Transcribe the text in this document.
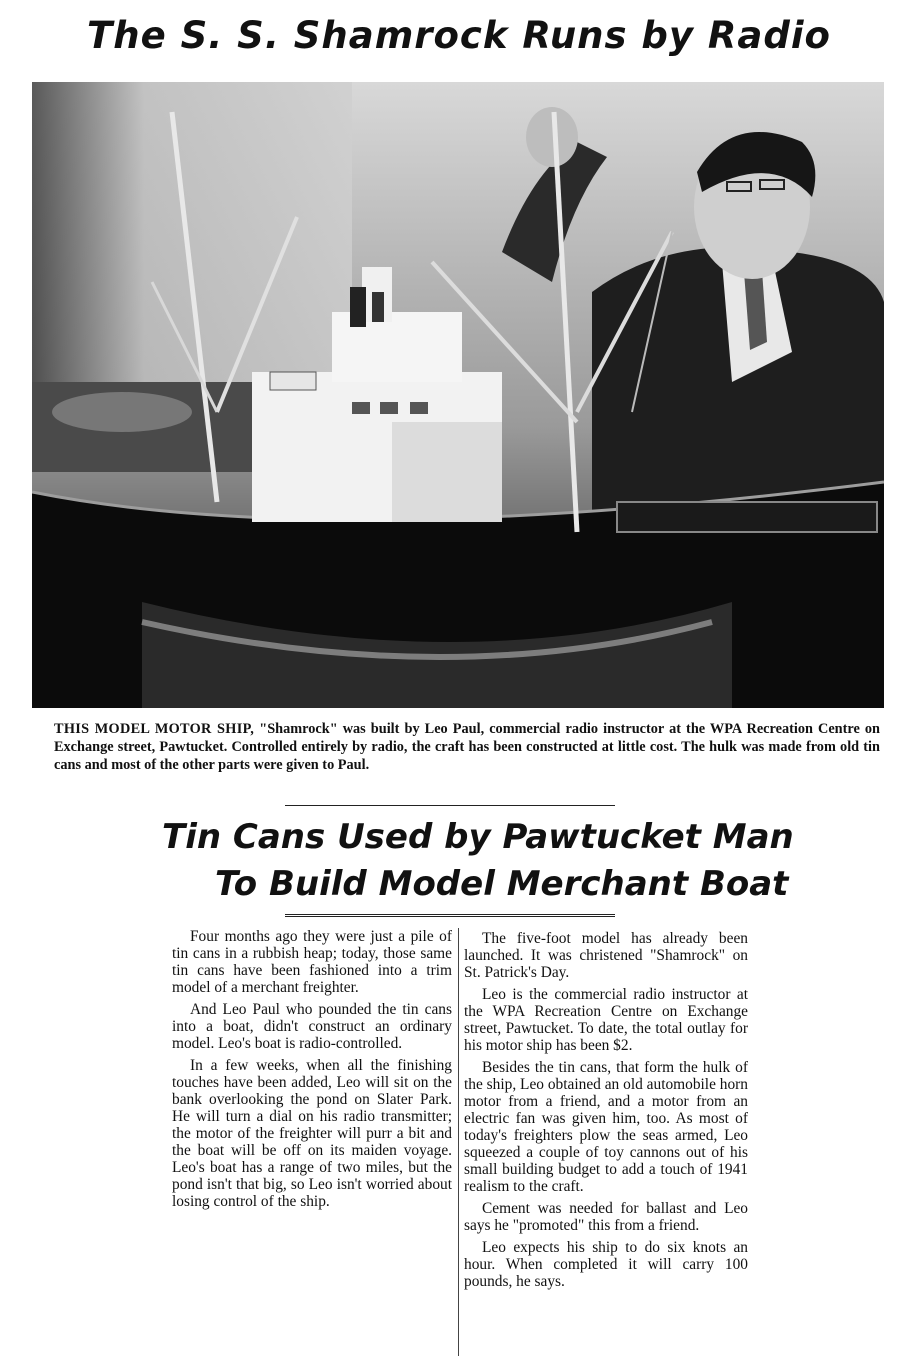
The S. S. Shamrock Runs by Radio
THIS MODEL MOTOR SHIP, "Shamrock" was built by Leo Paul, commercial radio instructor at the WPA Recreation Centre on Exchange street, Pawtucket. Controlled entirely by radio, the craft has been constructed at little cost. The hulk was made from old tin cans and most of the other parts were given to Paul.
Tin Cans Used by Pawtucket Man
To Build Model Merchant Boat

Four months ago they were just a pile of tin cans in a rubbish heap; today, those same tin cans have been fashioned into a trim model of a merchant freighter.

And Leo Paul who pounded the tin cans into a boat, didn't construct an ordinary model. Leo's boat is radio-controlled.

In a few weeks, when all the finishing touches have been added, Leo will sit on the bank overlooking the pond on Slater Park. He will turn a dial on his radio transmitter; the motor of the freighter will purr a bit and the boat will be off on its maiden voyage. Leo's boat has a range of two miles, but the pond isn't that big, so Leo isn't worried about losing control of the ship.

The five-foot model has already been launched. It was christened "Shamrock" on St. Patrick's Day.

Leo is the commercial radio instructor at the WPA Recreation Centre on Exchange street, Pawtucket. To date, the total outlay for his motor ship has been $2.

Besides the tin cans, that form the hulk of the ship, Leo obtained an old automobile horn motor from a friend, and a motor from an electric fan was given him, too. As most of today's freighters plow the seas armed, Leo squeezed a couple of toy cannons out of his small building budget to add a touch of 1941 realism to the craft.

Cement was needed for ballast and Leo says he "promoted" this from a friend.

Leo expects his ship to do six knots an hour. When completed it will carry 100 pounds, he says.
